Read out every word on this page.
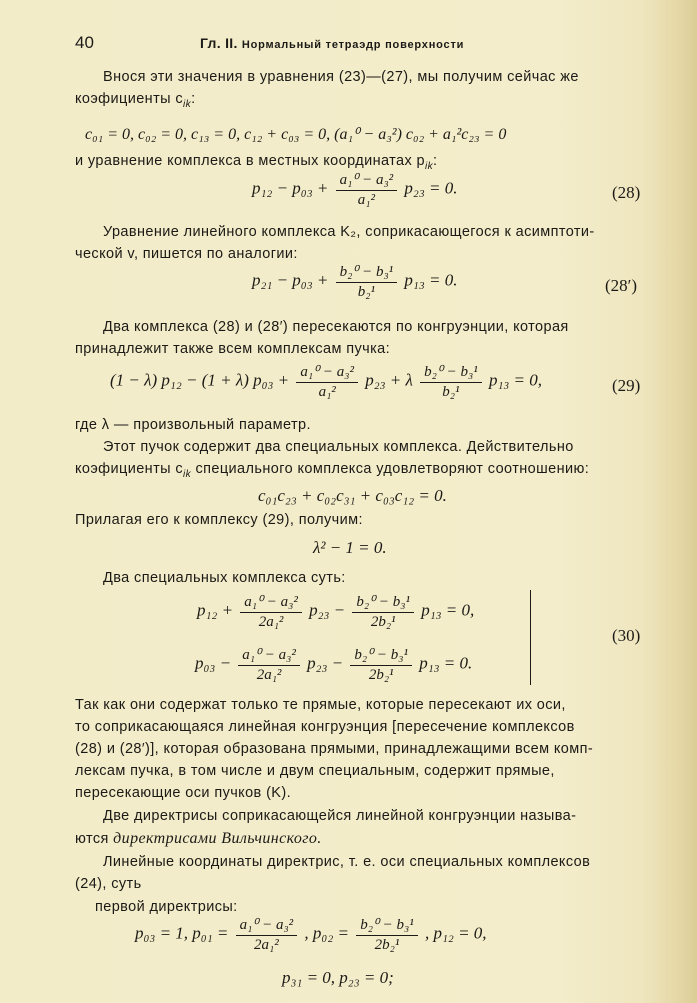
40	Гл. II. Нормальный тетраэдр поверхности
Внося эти значения в уравнения (23)—(27), мы получим сейчас же
коэфициенты $c_{ik}$:
c₀₁ = 0, c₀₂ = 0, c₁₃ = 0, c₁₂ + c₀₃ = 0, (a₁⁰ − a₃²) c₀₂ + a₁²c₂₃ = 0
и уравнение комплекса в местных координатах $p_{ik}$:
$p_{12} - p_{03} + \frac{\text{a₁⁰ − a₃²}}{\text{a₁²}} p_{23} = 0$.	(28)
Уравнение линейного комплекса K₂, соприкасающегося к асимптоти-
ческой v, пишется по аналогии:
$p_{21} - p_{03} + \frac{\text{b₂⁰ − b₃¹}}{\text{b₂¹}} p_{13} = 0$.	(28′)
Два комплекса (28) и (28′) пересекаются по конгруэнции, которая
принадлежит также всем комплексам пучка:
(1 − λ) p₁₂ − (1 + λ) $p_{03} + \frac{\text{a₁⁰ − a₃²}}{\text{a₁²}} p_{23} + \lambda \frac{\text{b₂⁰ − b₃¹}}{\text{b₂¹}} p_{13} = 0$,	(29)
где λ — произвольный параметр.
Этот пучок содержит два специальных комплекса. Действительно
коэфициенты $c_{ik}$ специального комплекса удовлетворяют соотношению:
c₀₁c₂₃ + c₀₂c₃₁ + c₀₃c₁₂ = 0.
Прилагая его к комплексу (29), получим:
λ² − 1 = 0.
Два специальных комплекса суть:
$p_{12} + \frac{\text{a₁⁰ − a₃²}}{\text{2a₁²}} p_{23} - \frac{\text{b₂⁰ − b₃¹}}{\text{2b₂¹}} p_{13} = 0$,
$p_{03} - \frac{\text{a₁⁰ − a₃²}}{\text{2a₁²}} p_{23} - \frac{\text{b₂⁰ − b₃¹}}{\text{2b₂¹}} p_{13} = 0$.
(30)
Так как они содержат только те прямые, которые пересекают их оси,
то соприкасающаяся линейная конгруэнция [пересечение комплексов
(28) и (28′)], которая образована прямыми, принадлежащими всем комп-
лексам пучка, в том числе и двум специальным, содержит прямые,
пересекающие оси пучков (K).
Две директрисы соприкасающейся линейной конгруэнции называ-
ются директрисами Вильчинского.
Линейные координаты директрис, т. е. оси специальных комплексов
(24), суть
первой директрисы:
p₀₃ = 1, $p_{01} = \frac{\text{a₁⁰ − a₃²}}{\text{2a₁²}}$ , $p_{02} = \frac{\text{b₂⁰ − b₃¹}}{\text{2b₂¹}}$ , p₁₂ = 0,
p₃₁ = 0, p₂₃ = 0;
